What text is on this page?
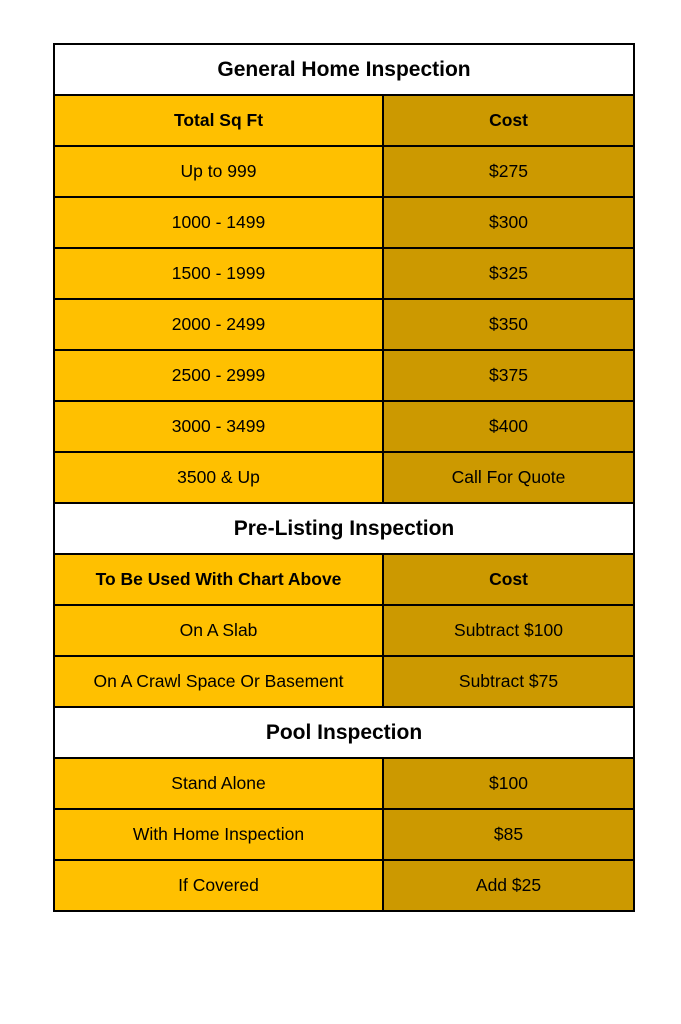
General Home Inspection	
Total Sq Ft	Cost
Up to 999	$275
1000 - 1499	$300
1500 - 1999	$325
2000 - 2499	$350
2500 - 2999	$375
3000 - 3499	$400
3500 & Up	Call For Quote
Pre-Listing Inspection	
To Be Used With Chart Above	Cost
On A Slab	Subtract $100
On A Crawl Space Or Basement	Subtract $75
Pool Inspection	
Stand Alone	$100
With Home Inspection	$85
If Covered	Add $25
